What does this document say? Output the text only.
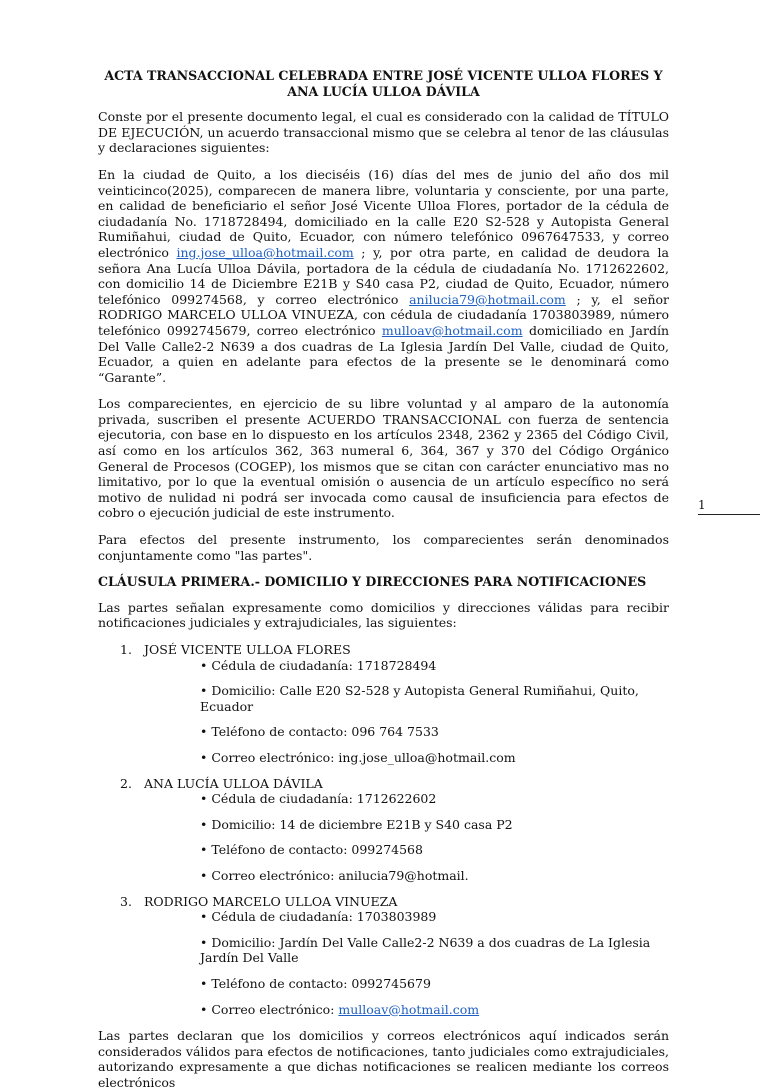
ACTA TRANSACCIONAL CELEBRADA ENTRE JOSÉ VICENTE ULLOA FLORES Y ANA LUCÍA ULLOA DÁVILA

Conste por el presente documento legal, el cual es considerado con la calidad de TÍTULO DE EJECUCIÓN, un acuerdo transaccional mismo que se celebra al tenor de las cláusulas y declaraciones siguientes:

En la ciudad de Quito, a los dieciséis (16) días del mes de junio del año dos mil veinticinco(2025), comparecen de manera libre, voluntaria y consciente, por una parte, en calidad de beneficiario el señor José Vicente Ulloa Flores, portador de la cédula de ciudadanía No. 1718728494, domiciliado en la calle E20 S2-528 y Autopista General Rumiñahui, ciudad de Quito, Ecuador, con número telefónico 0967647533, y correo electrónico ing.jose_ulloa@hotmail.com ; y, por otra parte, en calidad de deudora la señora Ana Lucía Ulloa Dávila, portadora de la cédula de ciudadanía No. 1712622602, con domicilio 14 de Diciembre E21B y S40 casa P2, ciudad de Quito, Ecuador, número telefónico 099274568, y correo electrónico anilucia79@hotmail.com ; y, el señor RODRIGO MARCELO ULLOA VINUEZA, con cédula de ciudadanía 1703803989, número telefónico 0992745679, correo electrónico mulloav@hotmail.com domiciliado en Jardín Del Valle Calle2-2 N639 a dos cuadras de La Iglesia Jardín Del Valle, ciudad de Quito, Ecuador, a quien en adelante para efectos de la presente se le denominará como “Garante”.

Los comparecientes, en ejercicio de su libre voluntad y al amparo de la autonomía privada, suscriben el presente ACUERDO TRANSACCIONAL con fuerza de sentencia ejecutoria, con base en lo dispuesto en los artículos 2348, 2362 y 2365 del Código Civil, así como en los artículos 362, 363 numeral 6, 364, 367 y 370 del Código Orgánico General de Procesos (COGEP), los mismos que se citan con carácter enunciativo mas no limitativo, por lo que la eventual omisión o ausencia de un artículo específico no será motivo de nulidad ni podrá ser invocada como causal de insuficiencia para efectos de cobro o ejecución judicial de este instrumento.

Para efectos del presente instrumento, los comparecientes serán denominados conjuntamente como "las partes".

CLÁUSULA PRIMERA.- DOMICILIO Y DIRECCIONES PARA NOTIFICACIONES

Las partes señalan expresamente como domicilios y direcciones válidas para recibir notificaciones judiciales y extrajudiciales, las siguientes:

1. JOSÉ VICENTE ULLOA FLORES
• Cédula de ciudadanía: 1718728494
• Domicilio: Calle E20 S2-528 y Autopista General Rumiñahui, Quito, Ecuador
• Teléfono de contacto: 096 764 7533
• Correo electrónico: ing.jose_ulloa@hotmail.com
2. ANA LUCÍA ULLOA DÁVILA
• Cédula de ciudadanía: 1712622602
• Domicilio: 14 de diciembre E21B y S40 casa P2
• Teléfono de contacto: 099274568
• Correo electrónico: anilucia79@hotmail.
3. RODRIGO MARCELO ULLOA VINUEZA
• Cédula de ciudadanía: 1703803989
• Domicilio: Jardín Del Valle Calle2-2 N639 a dos cuadras de La Iglesia Jardín Del Valle
• Teléfono de contacto: 0992745679
• Correo electrónico: mulloav@hotmail.com

Las partes declaran que los domicilios y correos electrónicos aquí indicados serán considerados válidos para efectos de notificaciones, tanto judiciales como extrajudiciales, autorizando expresamente a que dichas notificaciones se realicen mediante los correos electrónicos

1
